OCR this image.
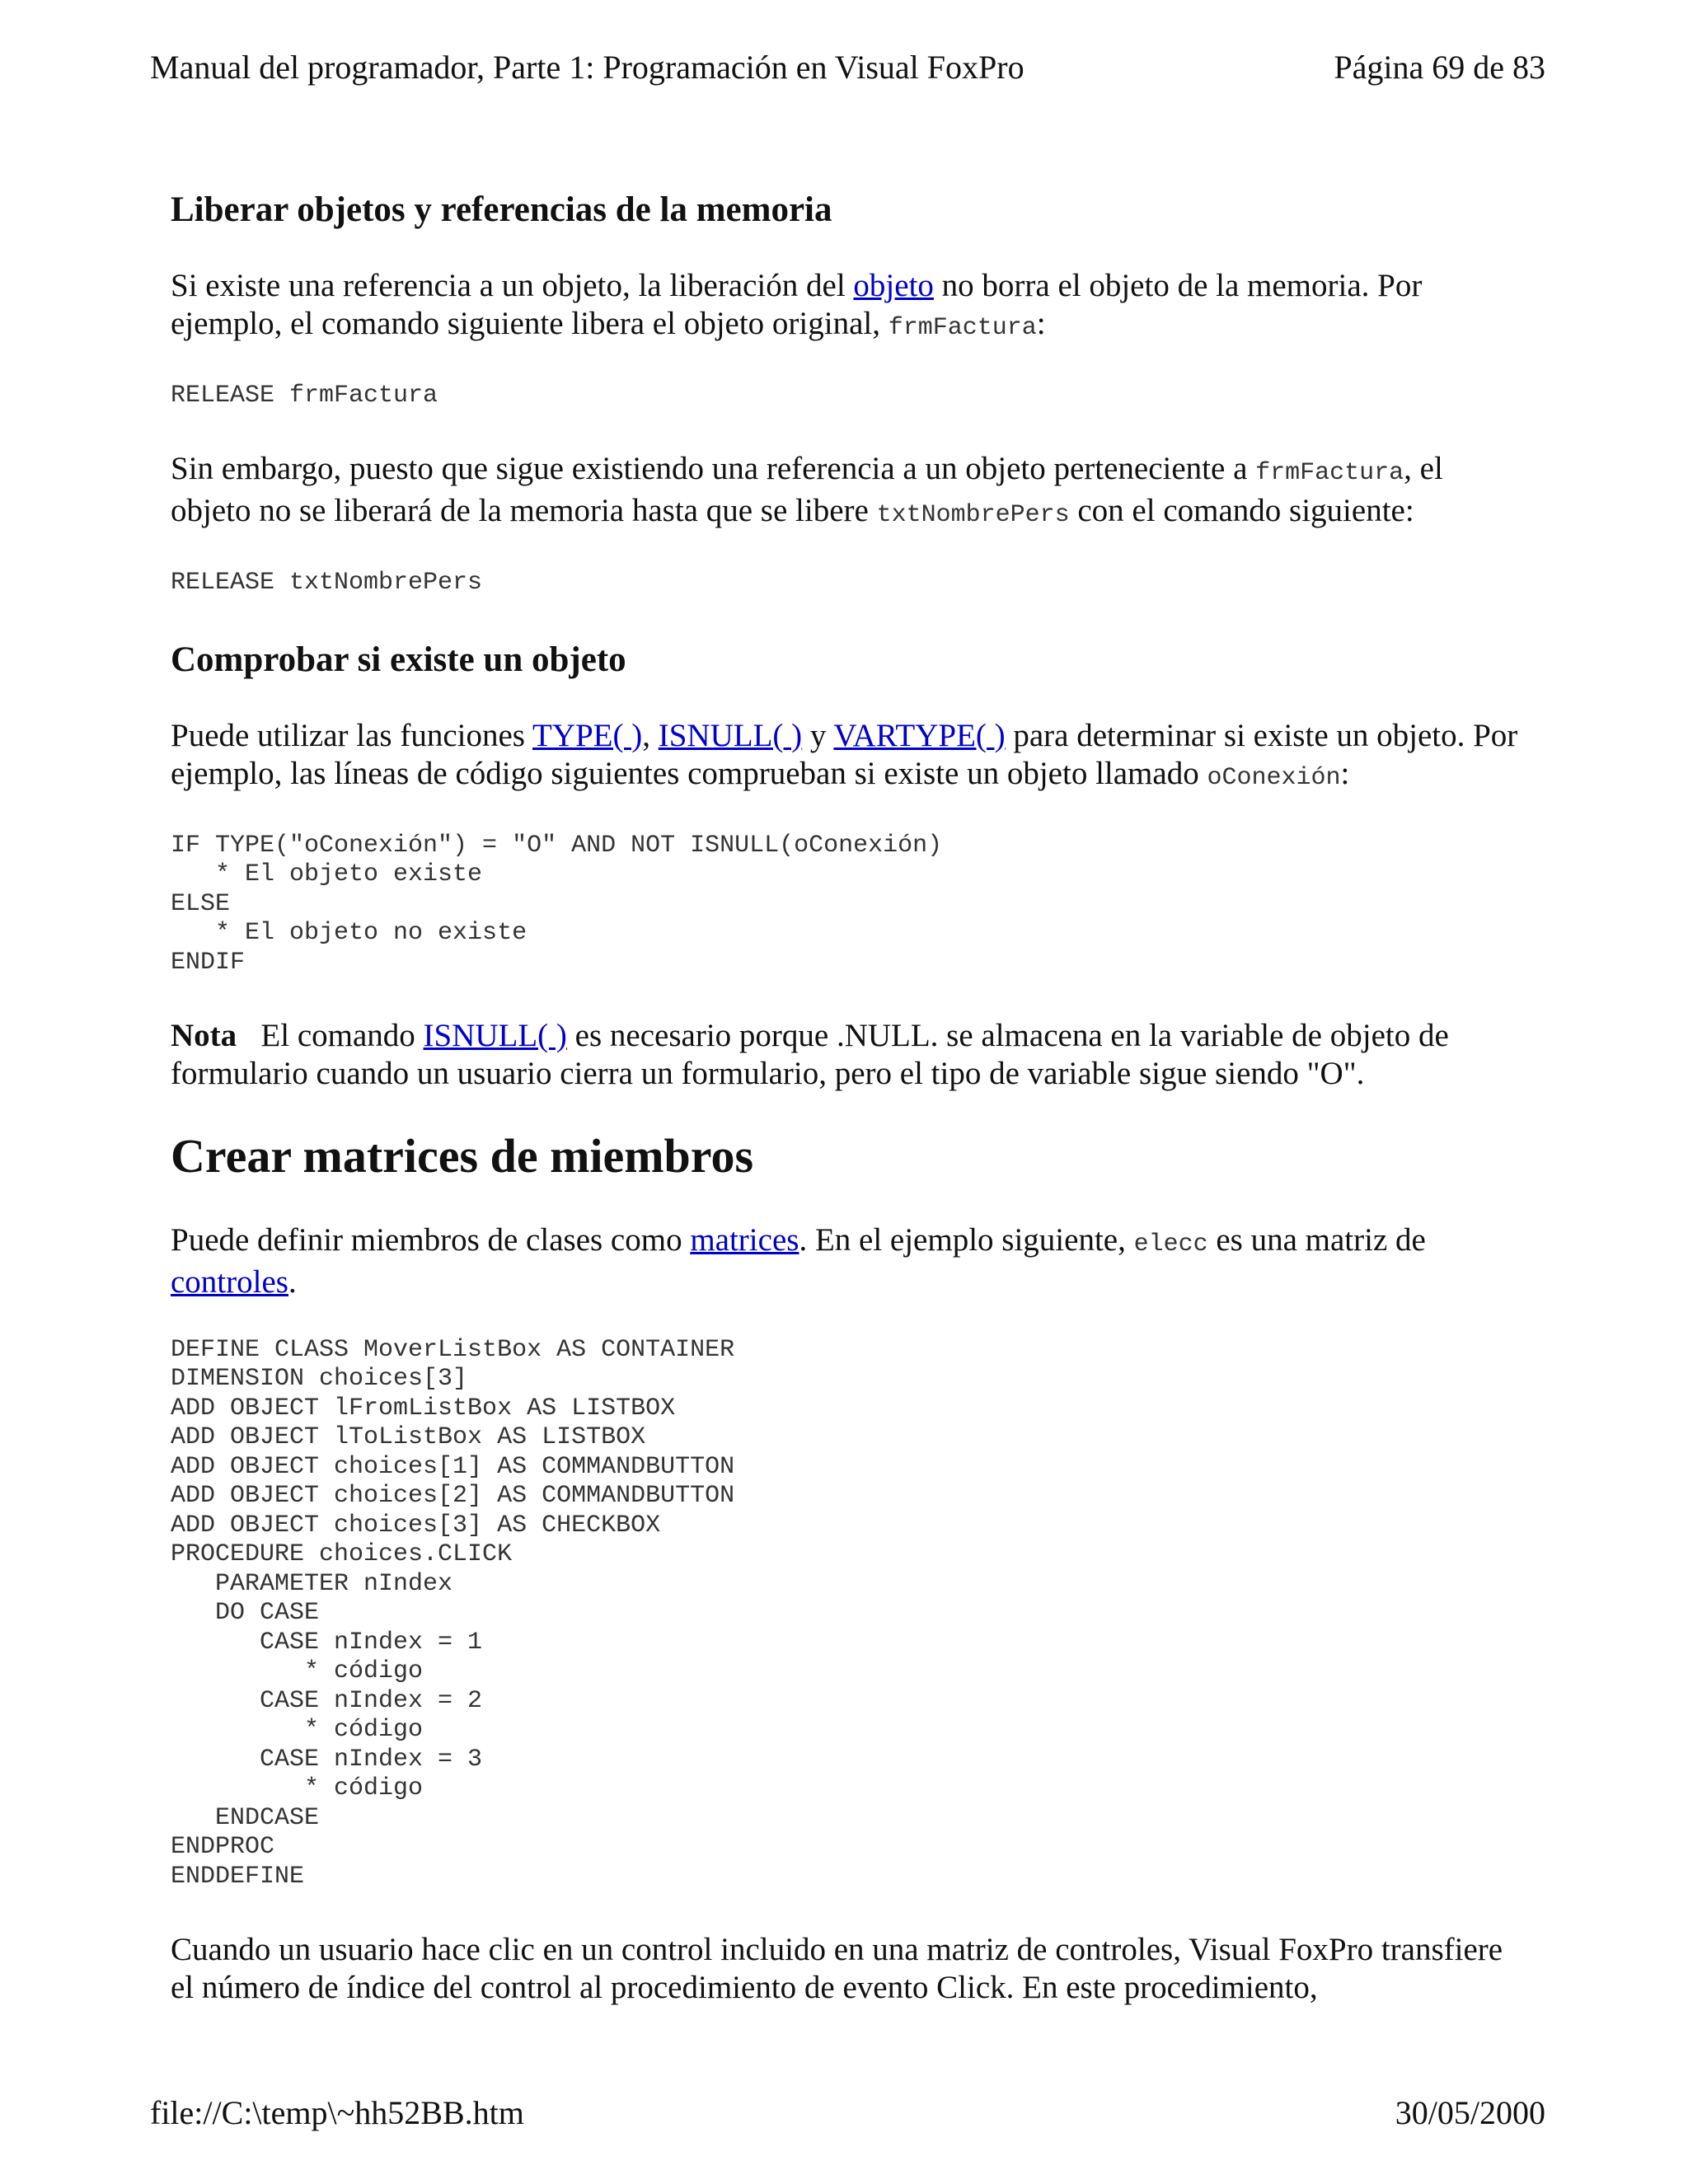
Manual del programador, Parte 1: Programación en Visual FoxPro	Página 69 de 83
Liberar objetos y referencias de la memoria

Si existe una referencia a un objeto, la liberación del objeto no borra el objeto de la memoria. Por ejemplo, el comando siguiente libera el objeto original, frmFactura:

RELEASE frmFactura

Sin embargo, puesto que sigue existiendo una referencia a un objeto perteneciente a frmFactura, el objeto no se liberará de la memoria hasta que se libere txtNombrePers con el comando siguiente:

RELEASE txtNombrePers
Comprobar si existe un objeto

Puede utilizar las funciones TYPE( ), ISNULL( ) y VARTYPE( ) para determinar si existe un objeto. Por ejemplo, las líneas de código siguientes comprueban si existe un objeto llamado oConexión:

IF TYPE("oConexión") = "O" AND NOT ISNULL(oConexión)
* El objeto existe
ELSE
* El objeto no existe
ENDIF

Nota   El comando ISNULL( ) es necesario porque .NULL. se almacena en la variable de objeto de formulario cuando un usuario cierra un formulario, pero el tipo de variable sigue siendo "O".

Crear matrices de miembros

Puede definir miembros de clases como matrices. En el ejemplo siguiente, elecc es una matriz de controles.

DEFINE CLASS MoverListBox AS CONTAINER
DIMENSION choices[3]
ADD OBJECT lFromListBox AS LISTBOX
ADD OBJECT lToListBox AS LISTBOX
ADD OBJECT choices[1] AS COMMANDBUTTON
ADD OBJECT choices[2] AS COMMANDBUTTON
ADD OBJECT choices[3] AS CHECKBOX
PROCEDURE choices.CLICK
PARAMETER nIndex
DO CASE
CASE nIndex = 1
* código
CASE nIndex = 2
* código
CASE nIndex = 3
* código
ENDCASE
ENDPROC
ENDDEFINE

Cuando un usuario hace clic en un control incluido en una matriz de controles, Visual FoxPro transfiere el número de índice del control al procedimiento de evento Click. En este procedimiento,

file://C:\temp\~hh52BB.htm	30/05/2000
